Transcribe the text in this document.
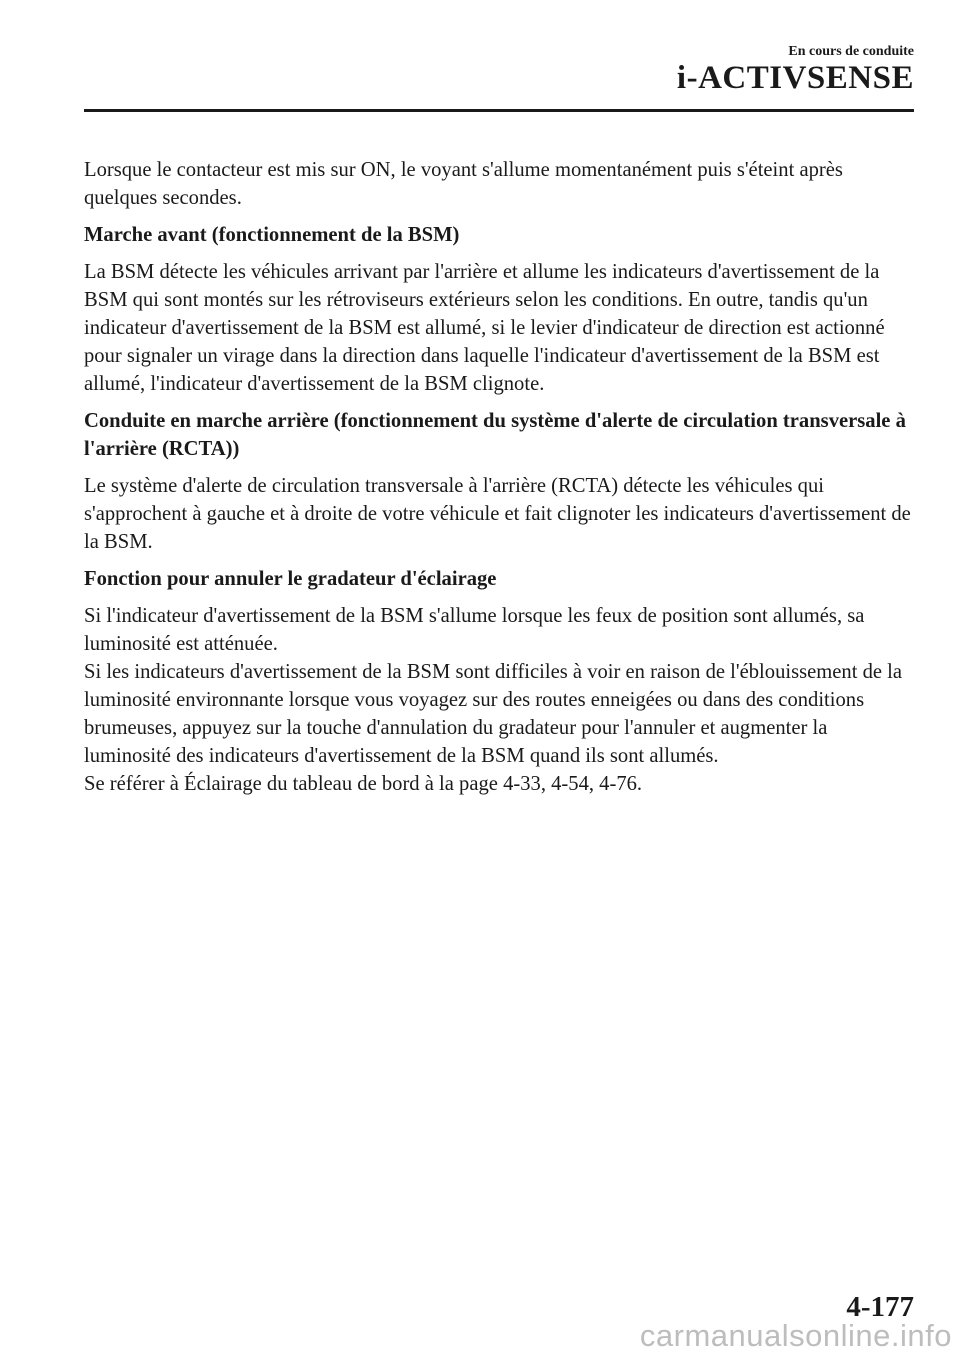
En cours de conduite
i-ACTIVSENSE

Lorsque le contacteur est mis sur ON, le voyant s'allume momentanément puis s'éteint après quelques secondes.

Marche avant (fonctionnement de la BSM)

La BSM détecte les véhicules arrivant par l'arrière et allume les indicateurs d'avertissement de la BSM qui sont montés sur les rétroviseurs extérieurs selon les conditions. En outre, tandis qu'un indicateur d'avertissement de la BSM est allumé, si le levier d'indicateur de direction est actionné pour signaler un virage dans la direction dans laquelle l'indicateur d'avertissement de la BSM est allumé, l'indicateur d'avertissement de la BSM clignote.

Conduite en marche arrière (fonctionnement du système d'alerte de circulation transversale à l'arrière (RCTA))

Le système d'alerte de circulation transversale à l'arrière (RCTA) détecte les véhicules qui s'approchent à gauche et à droite de votre véhicule et fait clignoter les indicateurs d'avertissement de la BSM.

Fonction pour annuler le gradateur d'éclairage

Si l'indicateur d'avertissement de la BSM s'allume lorsque les feux de position sont allumés, sa luminosité est atténuée.

Si les indicateurs d'avertissement de la BSM sont difficiles à voir en raison de l'éblouissement de la luminosité environnante lorsque vous voyagez sur des routes enneigées ou dans des conditions brumeuses, appuyez sur la touche d'annulation du gradateur pour l'annuler et augmenter la luminosité des indicateurs d'avertissement de la BSM quand ils sont allumés.

Se référer à Éclairage du tableau de bord à la page 4-33, 4-54, 4-76.

4-177
carmanualsonline.info
